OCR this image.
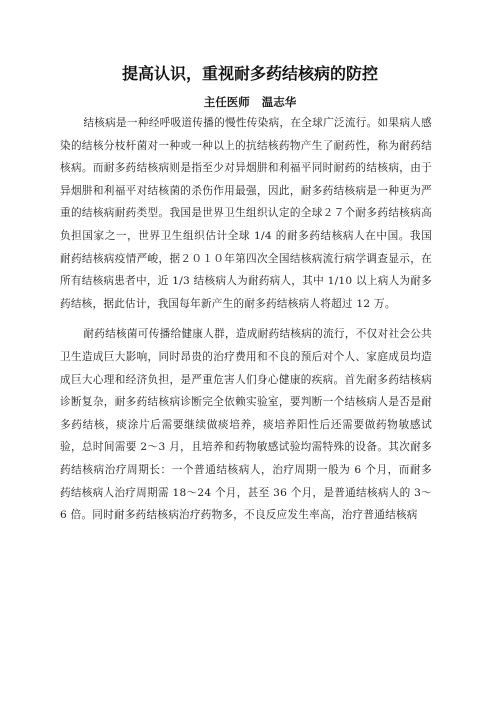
提高认识，重视耐多药结核病的防控

主任医师 温志华

结核病是一种经呼吸道传播的慢性传染病，在全球广泛流行。如果病人感染的结核分枝杆菌对一种或一种以上的抗结核药物产生了耐药性，称为耐药结核病。而耐多药结核病则是指至少对异烟肼和利福平同时耐药的结核病，由于异烟肼和利福平对结核菌的杀伤作用最强，因此，耐多药结核病是一种更为严重的结核病耐药类型。我国是世界卫生组织认定的全球２７个耐多药结核病高负担国家之一，世界卫生组织估计全球 1/4 的耐多药结核病人在中国。我国耐药结核病疫情严峻，据２０１０年第四次全国结核病流行病学调查显示，在所有结核病患者中，近 1/3 结核病人为耐药病人，其中 1/10 以上病人为耐多药结核，据此估计，我国每年新产生的耐多药结核病人将超过 12 万。

耐药结核菌可传播给健康人群，造成耐药结核病的流行，不仅对社会公共卫生造成巨大影响，同时昂贵的治疗费用和不良的预后对个人、家庭成员均造成巨大心理和经济负担，是严重危害人们身心健康的疾病。首先耐多药结核病诊断复杂，耐多药结核病诊断完全依赖实验室，要判断一个结核病人是否是耐多药结核，痰涂片后需要继续做痰培养，痰培养阳性后还需要做药物敏感试验，总时间需要 2～3 月，且培养和药物敏感试验均需特殊的设备。其次耐多药结核病治疗周期长：一个普通结核病人，治疗周期一般为 6 个月，而耐多药结核病人治疗周期需 18～24 个月，甚至 36 个月，是普通结核病人的 3～6 倍。同时耐多药结核病治疗药物多，不良反应发生率高，治疗普通结核病
